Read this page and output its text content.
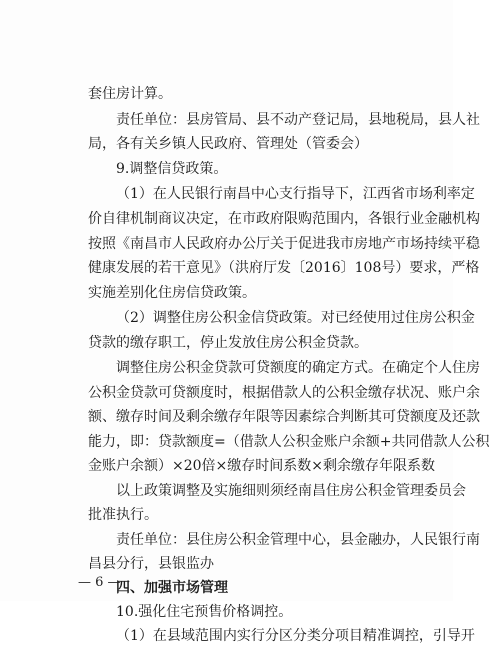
套住房计算。
责任单位：县房管局、县不动产登记局，县地税局，县人社
局，各有关乡镇人民政府、管理处（管委会）
9.调整信贷政策。
（1）在人民银行南昌中心支行指导下，江西省市场利率定
价自律机制商议决定，在市政府限购范围内，各银行业金融机构
按照《南昌市人民政府办公厅关于促进我市房地产市场持续平稳
健康发展的若干意见》（洪府厅发〔2016〕108号）要求，严格
实施差别化住房信贷政策。
（2）调整住房公积金信贷政策。对已经使用过住房公积金
贷款的缴存职工，停止发放住房公积金贷款。
调整住房公积金贷款可贷额度的确定方式。在确定个人住房
公积金贷款可贷额度时，根据借款人的公积金缴存状况、账户余
额、缴存时间及剩余缴存年限等因素综合判断其可贷额度及还款
能力，即：贷款额度=（借款人公积金账户余额+共同借款人公积
金账户余额）×20倍×缴存时间系数×剩余缴存年限系数
以上政策调整及实施细则须经南昌住房公积金管理委员会
批准执行。
责任单位：县住房公积金管理中心，县金融办，人民银行南
昌县分行，县银监办
四、加强市场管理
10.强化住宅预售价格调控。
（1）在县域范围内实行分区分类分项目精准调控，引导开
— 6 —
